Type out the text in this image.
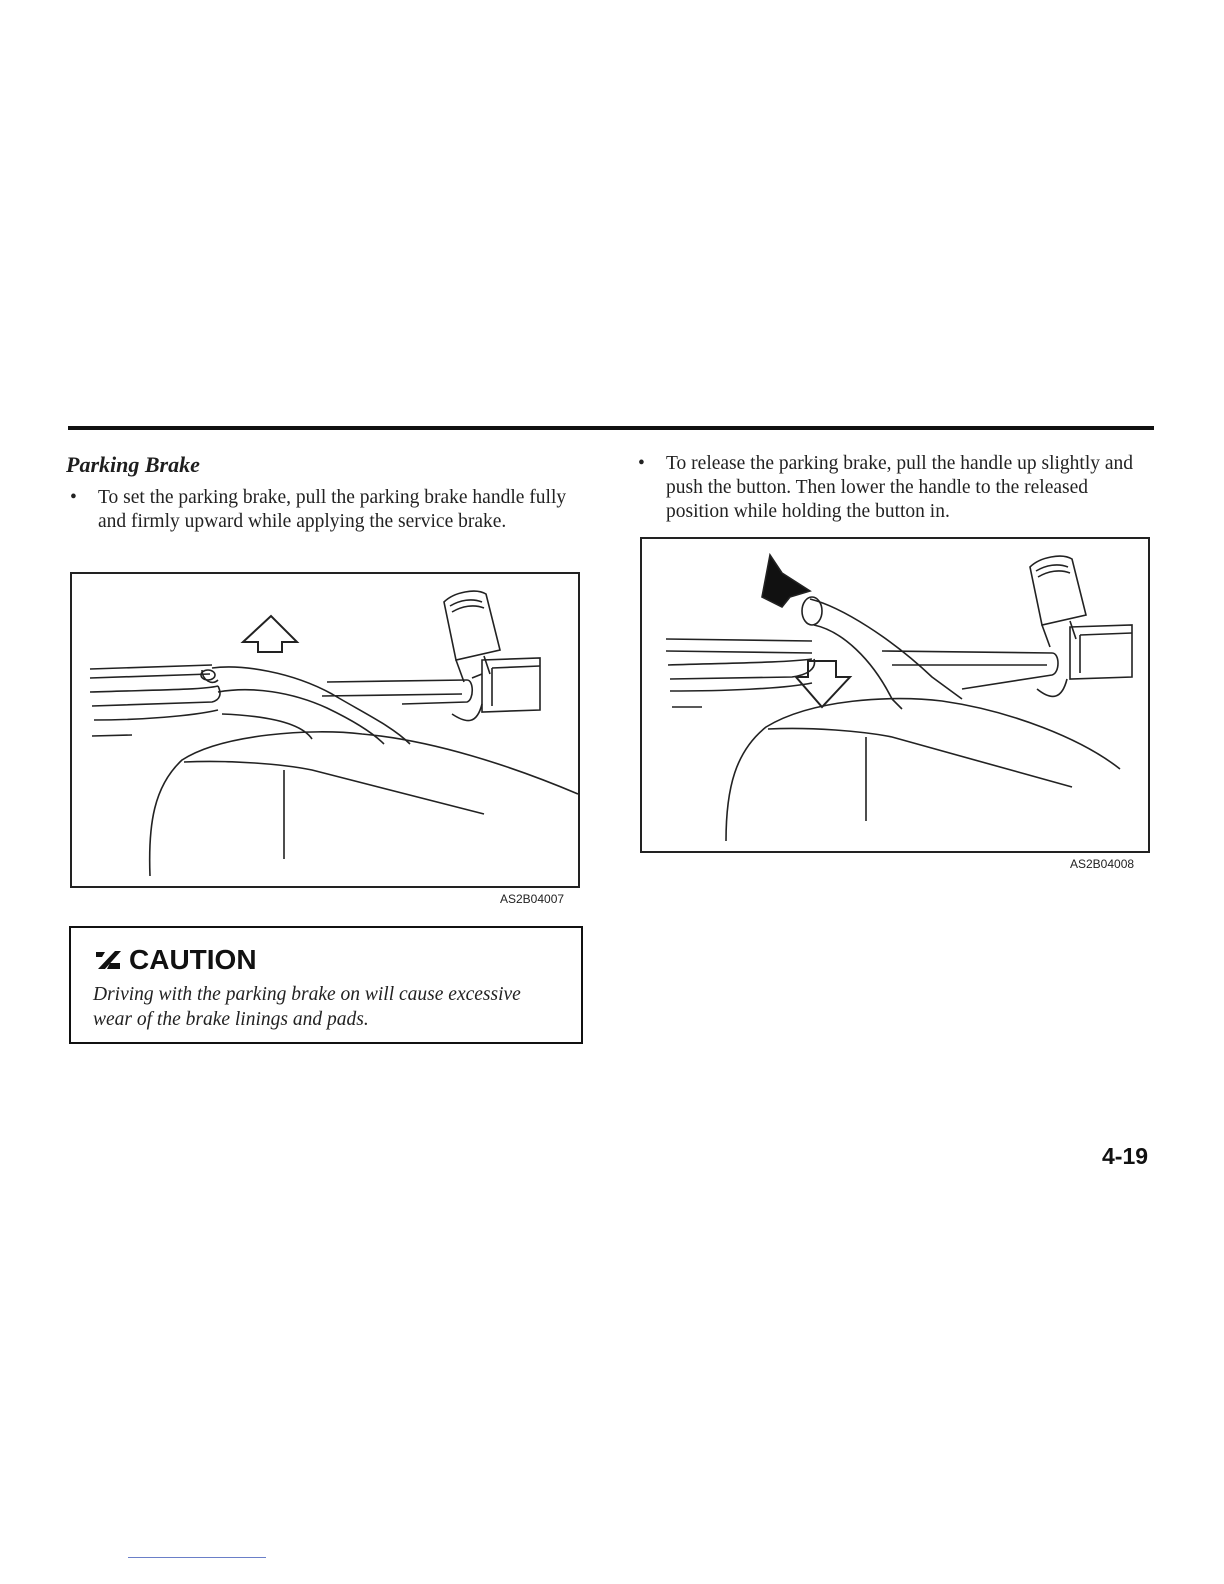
Parking Brake
•	To set the parking brake, pull the parking brake handle fully and firmly upward while applying the service brake.
AS2B04007
CAUTION
Driving with the parking brake on will cause excessive wear of the brake linings and pads.
•	To release the parking brake, pull the handle up slightly and push the button. Then lower the handle to the released position while holding the button in.
AS2B04008
4-19
